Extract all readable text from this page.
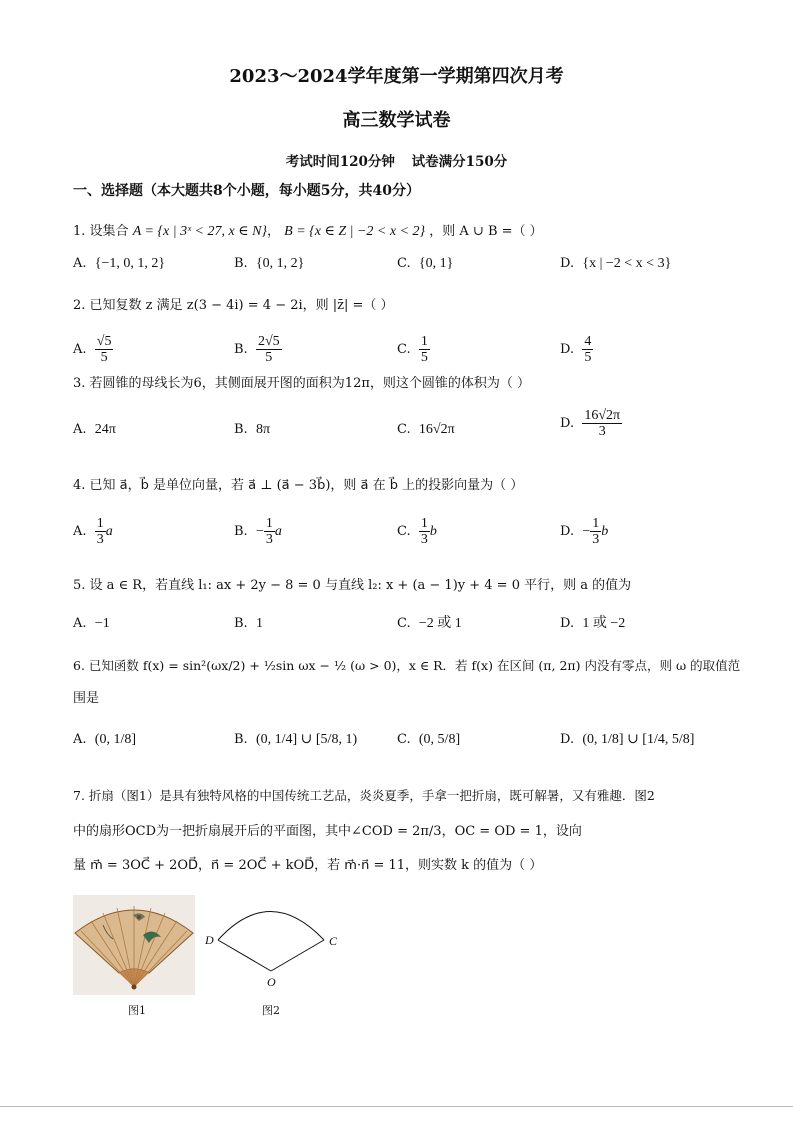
2023～2024学年度第一学期第四次月考
高三数学试卷
考试时间120分钟 试卷满分150分
一、选择题（本大题共8个小题，每小题5分，共40分）
1. 设集合 A = {x | 3ˣ < 27, x ∈ N}， B = {x ∈ Z | −2 < x < 2} ，则 A ∪ B =（ ）
A. {−1, 0, 1, 2}	B. {0, 1, 2}	C. {0, 1}	D. {x | −2 < x < 3}
2. 已知复数 z 满足 z(3 − 4i) = 4 − 2i，则 |z̄| =（ ）
A. $\frac{√5}{5}$	B. $\frac{2√5}{5}$	C. $\frac{1}{5}$	D. $\frac{4}{5}$
3. 若圆锥的母线长为6，其侧面展开图的面积为12π，则这个圆锥的体积为（ ）
A. 24π	B. 8π	C. 16√2π	D. $\frac{16√2\pi}{3}$
4. 已知 a⃗，b⃗ 是单位向量，若 a⃗ ⊥ (a⃗ − 3b⃗)，则 a⃗ 在 b⃗ 上的投影向量为（ ）
A. $\frac{1}{3}$ a⃗	B. − $\frac{1}{3}$ a⃗	C. $\frac{1}{3}$ b⃗	D. − $\frac{1}{3}$ b⃗
5. 设 a ∈ R，若直线 l₁: ax + 2y − 8 = 0 与直线 l₂: x + (a − 1)y + 4 = 0 平行，则 a 的值为
A. −1	B. 1	C. −2 或 1	D. 1 或 −2
6. 已知函数 f(x) = sin²(ωx/2) + ½sin ωx − ½ (ω > 0)，x ∈ R．若 f(x) 在区间 (π, 2π) 内没有零点，则 ω 的取值范
围是
A. (0, 1/8]	B. (0, 1/4] ∪ [5/8, 1)	C. (0, 5/8]	D. (0, 1/8] ∪ [1/4, 5/8]
7. 折扇（图1）是具有独特风格的中国传统工艺品，炎炎夏季，手拿一把折扇，既可解暑，又有雅趣．图2
中的扇形OCD为一把折扇展开后的平面图，其中∠COD = 2π/3，OC = OD = 1，设向
量 m⃗ = 3OC⃗ + 2OD⃗，n⃗ = 2OC⃗ + kOD⃗，若 m⃗·n⃗ = 11，则实数 k 的值为（ ）
图1
D	C
O
图2
